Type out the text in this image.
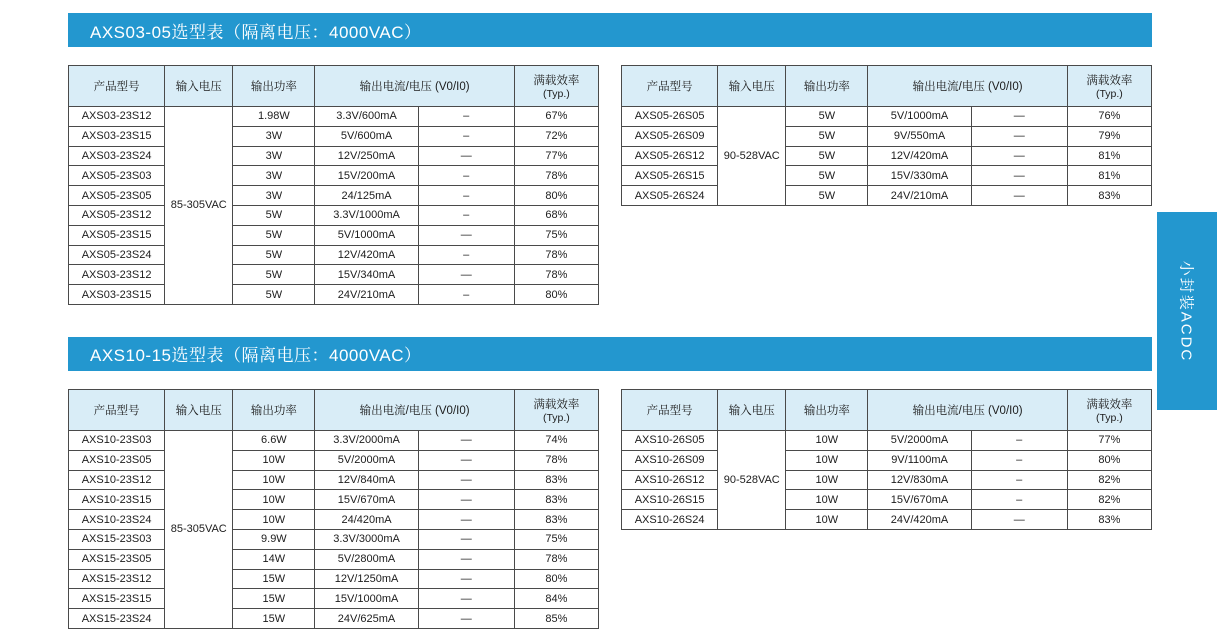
AXS03-05选型表（隔离电压：4000VAC）
产品型号	输入电压	输出功率	输出电流/电压 (V0/I0)		满载效率
(Typ.)

AXS03-23S12	85-305VAC	1.98W	3.3V/600mA	–	67%
AXS03-23S15		3W	5V/600mA	–	72%
AXS03-23S24		3W	12V/250mA	—	77%
AXS05-23S03		3W	15V/200mA	–	78%
AXS05-23S05		3W	24/125mA	–	80%
AXS05-23S12		5W	3.3V/1000mA	–	68%
AXS05-23S15		5W	5V/1000mA	—	75%
AXS05-23S24		5W	12V/420mA	–	78%
AXS03-23S12		5W	15V/340mA	—	78%
AXS03-23S15		5W	24V/210mA	–	80%
产品型号	输入电压	输出功率	输出电流/电压 (V0/I0)		满载效率
(Typ.)

AXS05-26S05	90-528VAC	5W	5V/1000mA	—	76%
AXS05-26S09		5W	9V/550mA	—	79%
AXS05-26S12		5W	12V/420mA	—	81%
AXS05-26S15		5W	15V/330mA	—	81%
AXS05-26S24		5W	24V/210mA	—	83%
AXS10-15选型表（隔离电压：4000VAC）
产品型号	输入电压	输出功率	输出电流/电压 (V0/I0)		满载效率
(Typ.)

AXS10-23S03	85-305VAC	6.6W	3.3V/2000mA	—	74%
AXS10-23S05		10W	5V/2000mA	—	78%
AXS10-23S12		10W	12V/840mA	—	83%
AXS10-23S15		10W	15V/670mA	—	83%
AXS10-23S24		10W	24/420mA	—	83%
AXS15-23S03		9.9W	3.3V/3000mA	—	75%
AXS15-23S05		14W	5V/2800mA	—	78%
AXS15-23S12		15W	12V/1250mA	—	80%
AXS15-23S15		15W	15V/1000mA	—	84%
AXS15-23S24		15W	24V/625mA	—	85%
产品型号	输入电压	输出功率	输出电流/电压 (V0/I0)		满载效率
(Typ.)

AXS10-26S05	90-528VAC	10W	5V/2000mA	–	77%
AXS10-26S09		10W	9V/1100mA	–	80%
AXS10-26S12		10W	12V/830mA	–	82%
AXS10-26S15		10W	15V/670mA	–	82%
AXS10-26S24		10W	24V/420mA	—	83%
小封装ACDC
